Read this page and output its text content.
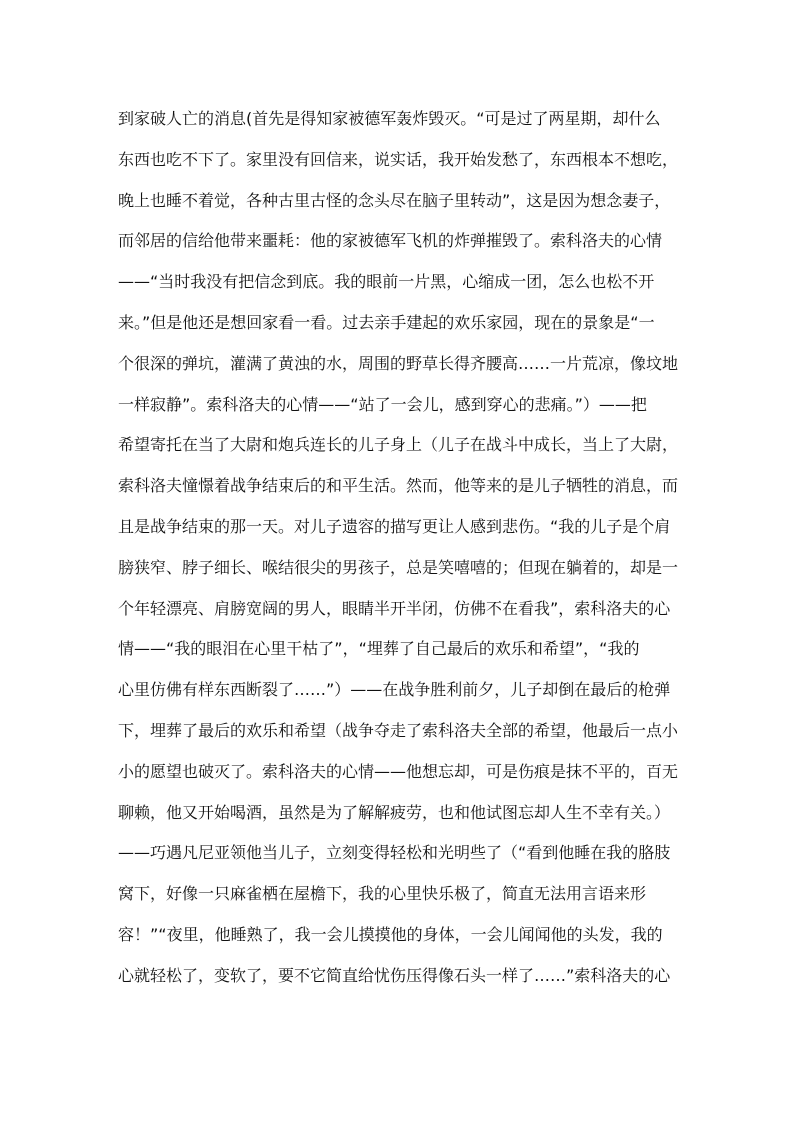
到家破人亡的消息(首先是得知家被德军轰炸毁灭。“可是过了两星期，却什么
东西也吃不下了。家里没有回信来，说实话，我开始发愁了，东西根本不想吃，
晚上也睡不着觉，各种古里古怪的念头尽在脑子里转动”，这是因为想念妻子，
而邻居的信给他带来噩耗：他的家被德军飞机的炸弹摧毁了。索科洛夫的心情
——“当时我没有把信念到底。我的眼前一片黑，心缩成一团，怎么也松不开
来。”但是他还是想回家看一看。过去亲手建起的欢乐家园，现在的景象是“一
个很深的弹坑，灌满了黄浊的水，周围的野草长得齐腰高……一片荒凉，像坟地
一样寂静”。索科洛夫的心情——“站了一会儿，感到穿心的悲痛。”）——把
希望寄托在当了大尉和炮兵连长的儿子身上（儿子在战斗中成长，当上了大尉，
索科洛夫憧憬着战争结束后的和平生活。然而，他等来的是儿子牺牲的消息，而
且是战争结束的那一天。对儿子遗容的描写更让人感到悲伤。“我的儿子是个肩
膀狭窄、脖子细长、喉结很尖的男孩子，总是笑嘻嘻的；但现在躺着的，却是一
个年轻漂亮、肩膀宽阔的男人，眼睛半开半闭，仿佛不在看我”，索科洛夫的心
情——“我的眼泪在心里干枯了”，“埋葬了自己最后的欢乐和希望”，“我的
心里仿佛有样东西断裂了……”）——在战争胜利前夕，儿子却倒在最后的枪弹
下，埋葬了最后的欢乐和希望（战争夺走了索科洛夫全部的希望，他最后一点小
小的愿望也破灭了。索科洛夫的心情——他想忘却，可是伤痕是抹不平的，百无
聊赖，他又开始喝酒，虽然是为了解解疲劳，也和他试图忘却人生不幸有关。）
——巧遇凡尼亚领他当儿子，立刻变得轻松和光明些了（“看到他睡在我的胳肢
窝下，好像一只麻雀栖在屋檐下，我的心里快乐极了，简直无法用言语来形
容！”“夜里，他睡熟了，我一会儿摸摸他的身体，一会儿闻闻他的头发，我的
心就轻松了，变软了，要不它简直给忧伤压得像石头一样了……”索科洛夫的心
